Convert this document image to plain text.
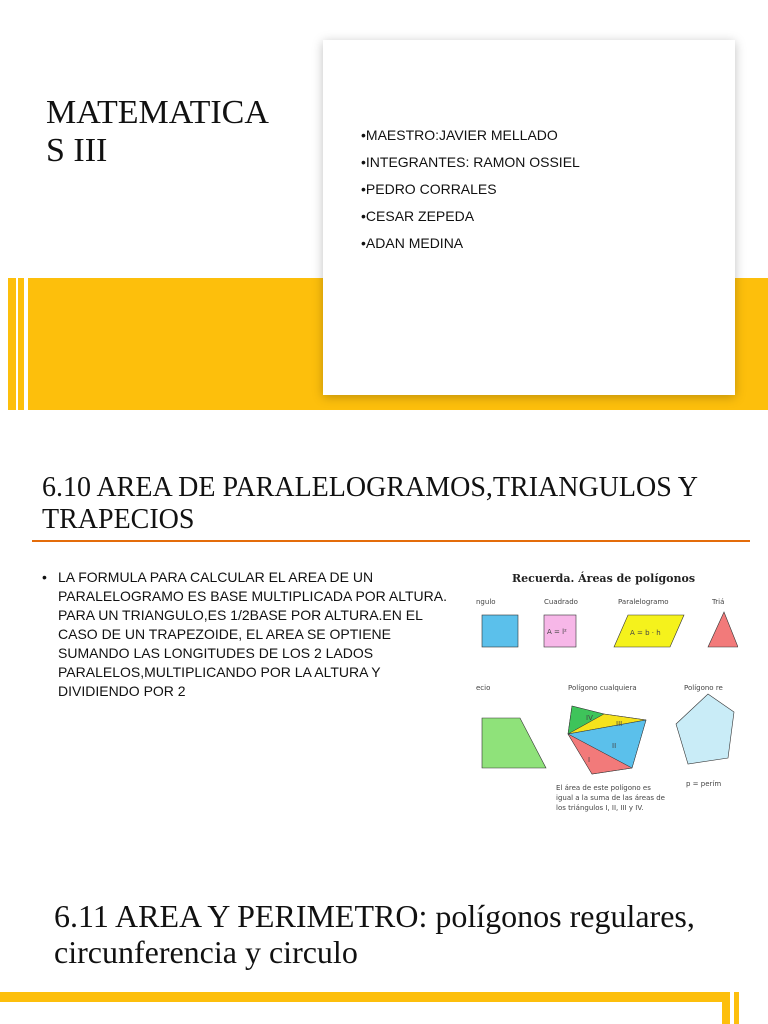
MATEMATICAS III	•MAESTRO:JAVIER MELLADO
•INTEGRANTES: RAMON OSSIEL
•PEDRO CORRALES
•CESAR ZEPEDA
•ADAN MEDINA
6.10 AREA DE PARALELOGRAMOS,TRIANGULOS Y TRAPECIOS
• LA FORMULA PARA CALCULAR EL AREA DE UN PARALELOGRAMO ES BASE MULTIPLICADA POR ALTURA. PARA UN TRIANGULO,ES 1/2BASE POR ALTURA.EN EL CASO DE UN TRAPEZOIDE, EL AREA SE OPTIENE SUMANDO LAS LONGITUDES DE LOS 2 LADOS PARALELOS,MULTIPLICANDO POR LA ALTURA Y DIVIDIENDO POR 2
Recuerda. Áreas de polígonos
ngulo	Cuadrado	Paralelogramo	Triá
A = l²	A = b · h
ecio	Polígono cualquiera	Polígono re
IV
III
II
I
p = perím
El área de este polígono es
igual a la suma de las áreas de
los triángulos I, II, III y IV.
6.11 AREA Y PERIMETRO: polígonos regulares, circunferencia y circulo
